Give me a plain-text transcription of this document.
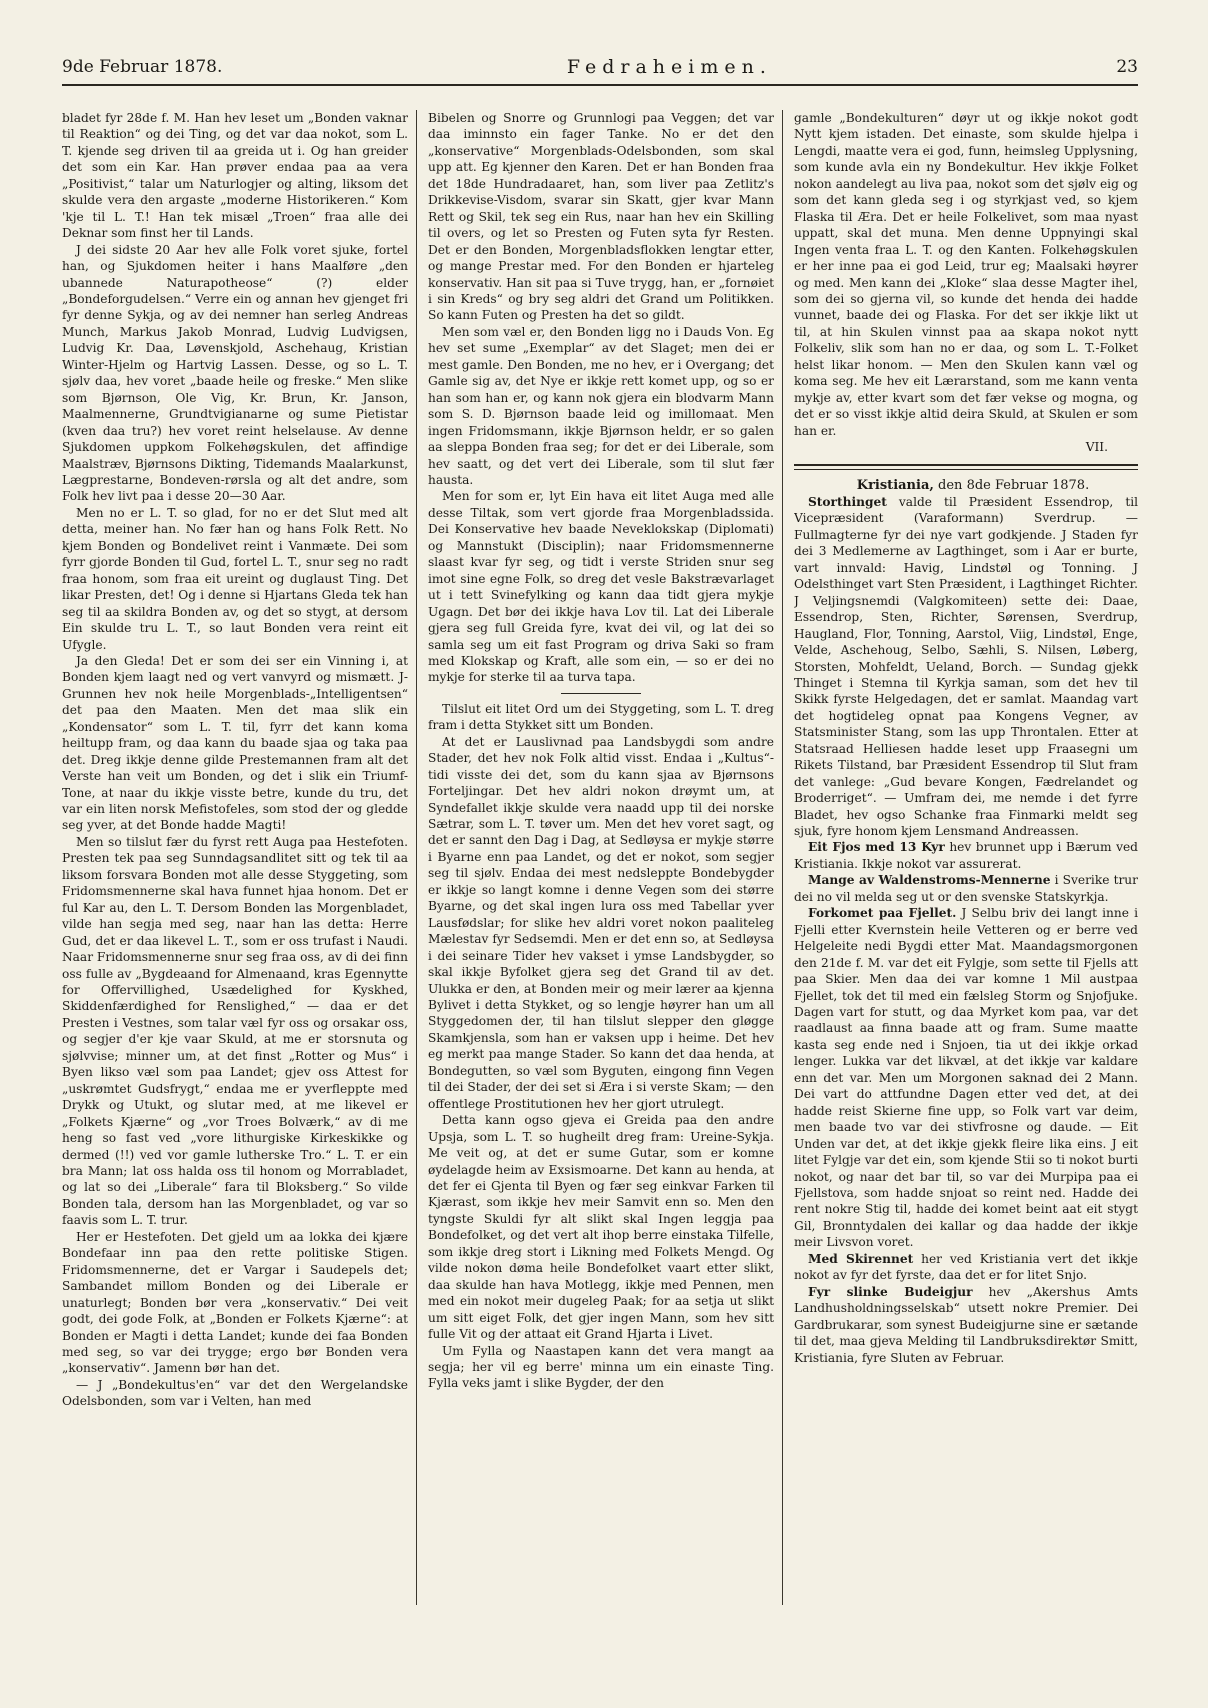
9de Februar 1878.	Fedraheimen.	23

bladet fyr 28de f. M. Han hev leset um „Bonden vaknar til Reaktion“ og dei Ting, og det var daa nokot, som L. T. kjende seg driven til aa greida ut i. Og han greider det som ein Kar. Han prøver endaa paa aa vera „Positivist,“ talar um Naturlogjer og alting, liksom det skulde vera den argaste „moderne Historikeren.“ Kom 'kje til L. T.! Han tek misæl „Troen“ fraa alle dei Deknar som finst her til Lands.

J dei sidste 20 Aar hev alle Folk voret sjuke, fortel han, og Sjukdomen heiter i hans Maalføre „den ubannede Naturapotheose“ (?) elder „Bondeforgudelsen.“ Verre ein og annan hev gjenget fri fyr denne Sykja, og av dei nemner han serleg Andreas Munch, Markus Jakob Monrad, Ludvig Ludvigsen, Ludvig Kr. Daa, Løvenskjold, Aschehaug, Kristian Winter-Hjelm og Hartvig Lassen. Desse, og so L. T. sjølv daa, hev voret „baade heile og freske.“ Men slike som Bjørnson, Ole Vig, Kr. Brun, Kr. Janson, Maalmennerne, Grundtvigianarne og sume Pietistar (kven daa tru?) hev voret reint helselause. Av denne Sjukdomen uppkom Folkehøgskulen, det affindige Maalstræv, Bjørnsons Dikting, Tidemands Maalarkunst, Lægprestarne, Bondeven-rørsla og alt det andre, som Folk hev livt paa i desse 20—30 Aar.

Men no er L. T. so glad, for no er det Slut med alt detta, meiner han. No fær han og hans Folk Rett. No kjem Bonden og Bondelivet reint i Vanmæte. Dei som fyrr gjorde Bonden til Gud, fortel L. T., snur seg no radt fraa honom, som fraa eit ureint og duglaust Ting. Det likar Presten, det! Og i denne si Hjartans Gleda tek han seg til aa skildra Bonden av, og det so stygt, at dersom Ein skulde tru L. T., so laut Bonden vera reint eit Ufygle.

Ja den Gleda! Det er som dei ser ein Vinning i, at Bonden kjem laagt ned og vert vanvyrd og mismætt. J-Grunnen hev nok heile Morgenblads-„Intelligentsen“ det paa den Maaten. Men det maa slik ein „Kondensator“ som L. T. til, fyrr det kann koma heiltupp fram, og daa kann du baade sjaa og taka paa det. Dreg ikkje denne gilde Prestemannen fram alt det Verste han veit um Bonden, og det i slik ein Triumf-Tone, at naar du ikkje visste betre, kunde du tru, det var ein liten norsk Mefistofeles, som stod der og gledde seg yver, at det Bonde hadde Magti!

Men so tilslut fær du fyrst rett Auga paa Hestefoten. Presten tek paa seg Sunndagsandlitet sitt og tek til aa liksom forsvara Bonden mot alle desse Styggeting, som Fridomsmennerne skal hava funnet hjaa honom. Det er ful Kar au, den L. T. Dersom Bonden las Morgenbladet, vilde han segja med seg, naar han las detta: Herre Gud, det er daa likevel L. T., som er oss trufast i Naudi. Naar Fridomsmennerne snur seg fraa oss, av di dei finn oss fulle av „Bygdeaand for Almenaand, kras Egennytte for Offervillighed, Usædelighed for Kyskhed, Skiddenfærdighed for Renslighed,“ — daa er det Presten i Vestnes, som talar væl fyr oss og orsakar oss, og segjer d'er kje vaar Skuld, at me er storsnuta og sjølvvise; minner um, at det finst „Rotter og Mus“ i Byen likso væl som paa Landet; gjev oss Attest for „uskrømtet Gudsfrygt,“ endaa me er yverfleppte med Drykk og Utukt, og slutar med, at me likevel er „Folkets Kjærne“ og „vor Troes Bolværk,“ av di me heng so fast ved „vore lithurgiske Kirkeskikke og dermed (!!) ved vor gamle lutherske Tro.“ L. T. er ein bra Mann; lat oss halda oss til honom og Morrabladet, og lat so dei „Liberale“ fara til Bloksberg.“ So vilde Bonden tala, dersom han las Morgenbladet, og var so faavis som L. T. trur.

Her er Hestefoten. Det gjeld um aa lokka dei kjære Bondefaar inn paa den rette politiske Stigen. Fridomsmennerne, det er Vargar i Saudepels det; Sambandet millom Bonden og dei Liberale er unaturlegt; Bonden bør vera „konservativ.“ Dei veit godt, dei gode Folk, at „Bonden er Folkets Kjærne“: at Bonden er Magti i detta Landet; kunde dei faa Bonden med seg, so var dei trygge; ergo bør Bonden vera „konservativ“. Jamenn bør han det.

— J „Bondekultus'en“ var det den Wergelandske Odelsbonden, som var i Velten, han med

Bibelen og Snorre og Grunnlogi paa Veggen; det var daa iminnsto ein fager Tanke. No er det den „konservative“ Morgenblads-Odelsbonden, som skal upp att. Eg kjenner den Karen. Det er han Bonden fraa det 18de Hundradaaret, han, som liver paa Zetlitz's Drikkevise-Visdom, svarar sin Skatt, gjer kvar Mann Rett og Skil, tek seg ein Rus, naar han hev ein Skilling til overs, og let so Presten og Futen syta fyr Resten. Det er den Bonden, Morgenbladsflokken lengtar etter, og mange Prestar med. For den Bonden er hjarteleg konservativ. Han sit paa si Tuve trygg, han, er „fornøiet i sin Kreds“ og bry seg aldri det Grand um Politikken. So kann Futen og Presten ha det so gildt.

Men som væl er, den Bonden ligg no i Dauds Von. Eg hev set sume „Exemplar“ av det Slaget; men dei er mest gamle. Den Bonden, me no hev, er i Overgang; det Gamle sig av, det Nye er ikkje rett komet upp, og so er han som han er, og kann nok gjera ein blodvarm Mann som S. D. Bjørnson baade leid og imillomaat. Men ingen Fridomsmann, ikkje Bjørnson heldr, er so galen aa sleppa Bonden fraa seg; for det er dei Liberale, som hev saatt, og det vert dei Liberale, som til slut fær hausta.

Men for som er, lyt Ein hava eit litet Auga med alle desse Tiltak, som vert gjorde fraa Morgenbladssida. Dei Konservative hev baade Neveklokskap (Diplomati) og Mannstukt (Disciplin); naar Fridomsmennerne slaast kvar fyr seg, og tidt i verste Striden snur seg imot sine egne Folk, so dreg det vesle Bakstrævarlaget ut i tett Svinefylking og kann daa tidt gjera mykje Ugagn. Det bør dei ikkje hava Lov til. Lat dei Liberale gjera seg full Greida fyre, kvat dei vil, og lat dei so samla seg um eit fast Program og driva Saki so fram med Klokskap og Kraft, alle som ein, — so er dei no mykje for sterke til aa turva tapa.

Tilslut eit litet Ord um dei Styggeting, som L. T. dreg fram i detta Stykket sitt um Bonden.

At det er Lauslivnad paa Landsbygdi som andre Stader, det hev nok Folk altid visst. Endaa i „Kultus“-tidi visste dei det, som du kann sjaa av Bjørnsons Forteljingar. Det hev aldri nokon drøymt um, at Syndefallet ikkje skulde vera naadd upp til dei norske Sætrar, som L. T. tøver um. Men det hev voret sagt, og det er sannt den Dag i Dag, at Sedløysa er mykje større i Byarne enn paa Landet, og det er nokot, som segjer seg til sjølv. Endaa dei mest nedsleppte Bondebygder er ikkje so langt komne i denne Vegen som dei større Byarne, og det skal ingen lura oss med Tabellar yver Lausfødslar; for slike hev aldri voret nokon paaliteleg Mælestav fyr Sedsemdi. Men er det enn so, at Sedløysa i dei seinare Tider hev vakset i ymse Landsbygder, so skal ikkje Byfolket gjera seg det Grand til av det. Ulukka er den, at Bonden meir og meir lærer aa kjenna Bylivet i detta Stykket, og so lengje høyrer han um all Styggedomen der, til han tilslut slepper den gløgge Skamkjensla, som han er vaksen upp i heime. Det hev eg merkt paa mange Stader. So kann det daa henda, at Bondegutten, so væl som Byguten, eingong finn Vegen til dei Stader, der dei set si Æra i si verste Skam; — den offentlege Prostitutionen hev her gjort utrulegt.

Detta kann ogso gjeva ei Greida paa den andre Upsja, som L. T. so hugheilt dreg fram: Ureine-Sykja. Me veit og, at det er sume Gutar, som er komne øydelagde heim av Exsismoarne. Det kann au henda, at det fer ei Gjenta til Byen og fær seg einkvar Farken til Kjærast, som ikkje hev meir Samvit enn so. Men den tyngste Skuldi fyr alt slikt skal Ingen leggja paa Bondefolket, og det vert alt ihop berre einstaka Tilfelle, som ikkje dreg stort i Likning med Folkets Mengd. Og vilde nokon døma heile Bondefolket vaart etter slikt, daa skulde han hava Motlegg, ikkje med Pennen, men med ein nokot meir dugeleg Paak; for aa setja ut slikt um sitt eiget Folk, det gjer ingen Mann, som hev sitt fulle Vit og der attaat eit Grand Hjarta i Livet.

Um Fylla og Naastapen kann det vera mangt aa segja; her vil eg berre' minna um ein einaste Ting. Fylla veks jamt i slike Bygder, der den

gamle „Bondekulturen“ døyr ut og ikkje nokot godt Nytt kjem istaden. Det einaste, som skulde hjelpa i Lengdi, maatte vera ei god, funn, heimsleg Upplysning, som kunde avla ein ny Bondekultur. Hev ikkje Folket nokon aandelegt au liva paa, nokot som det sjølv eig og som det kann gleda seg i og styrkjast ved, so kjem Flaska til Æra. Det er heile Folkelivet, som maa nyast uppatt, skal det muna. Men denne Uppnyingi skal Ingen venta fraa L. T. og den Kanten. Folkehøgskulen er her inne paa ei god Leid, trur eg; Maalsaki høyrer og med. Men kann dei „Kloke“ slaa desse Magter ihel, som dei so gjerna vil, so kunde det henda dei hadde vunnet, baade dei og Flaska. For det ser ikkje likt ut til, at hin Skulen vinnst paa aa skapa nokot nytt Folkeliv, slik som han no er daa, og som L. T.-Folket helst likar honom. — Men den Skulen kann væl og koma seg. Me hev eit Lærarstand, som me kann venta mykje av, etter kvart som det fær vekse og mogna, og det er so visst ikkje altid deira Skuld, at Skulen er som han er.

VII.

Kristiania, den 8de Februar 1878.

Storthinget valde til Præsident Essendrop, til Vicepræsident (Varaformann) Sverdrup. — Fullmagterne fyr dei nye vart godkjende. J Staden fyr dei 3 Medlemerne av Lagthinget, som i Aar er burte, vart innvald: Havig, Lindstøl og Tonning. J Odelsthinget vart Sten Præsident, i Lagthinget Richter. J Veljingsnemdi (Valgkomiteen) sette dei: Daae, Essendrop, Sten, Richter, Sørensen, Sverdrup, Haugland, Flor, Tonning, Aarstol, Viig, Lindstøl, Enge, Velde, Aschehoug, Selbo, Sæhli, S. Nilsen, Løberg, Storsten, Mohfeldt, Ueland, Borch. — Sundag gjekk Thinget i Stemna til Kyrkja saman, som det hev til Skikk fyrste Helgedagen, det er samlat. Maandag vart det hogtideleg opnat paa Kongens Vegner, av Statsminister Stang, som las upp Throntalen. Etter at Statsraad Helliesen hadde leset upp Fraasegni um Rikets Tilstand, bar Præsident Essendrop til Slut fram det vanlege: „Gud bevare Kongen, Fædrelandet og Broderriget“. — Umfram dei, me nemde i det fyrre Bladet, hev ogso Schanke fraa Finmarki meldt seg sjuk, fyre honom kjem Lensmand Andreassen.

Eit Fjos med 13 Kyr hev brunnet upp i Bærum ved Kristiania. Ikkje nokot var assurerat.

Mange av Waldenstroms-Mennerne i Sverike trur dei no vil melda seg ut or den svenske Statskyrkja.

Forkomet paa Fjellet. J Selbu briv dei langt inne i Fjelli etter Kvernstein heile Vetteren og er berre ved Helgeleite nedi Bygdi etter Mat. Maandagsmorgonen den 21de f. M. var det eit Fylgje, som sette til Fjells att paa Skier. Men daa dei var komne 1 Mil austpaa Fjellet, tok det til med ein fælsleg Storm og Snjofjuke. Dagen vart for stutt, og daa Myrket kom paa, var det raadlaust aa finna baade att og fram. Sume maatte kasta seg ende ned i Snjoen, tia ut dei ikkje orkad lenger. Lukka var det likvæl, at det ikkje var kaldare enn det var. Men um Morgonen saknad dei 2 Mann. Dei vart do attfundne Dagen etter ved det, at dei hadde reist Skierne fine upp, so Folk vart var deim, men baade tvo var dei stivfrosne og daude. — Eit Unden var det, at det ikkje gjekk fleire lika eins. J eit litet Fylgje var det ein, som kjende Stii so ti nokot burti nokot, og naar det bar til, so var dei Murpipa paa ei Fjellstova, som hadde snjoat so reint ned. Hadde dei rent nokre Stig til, hadde dei komet beint aat eit stygt Gil, Bronntydalen dei kallar og daa hadde der ikkje meir Livsvon voret.

Med Skirennet her ved Kristiania vert det ikkje nokot av fyr det fyrste, daa det er for litet Snjo.

Fyr slinke Budeigjur hev „Akershus Amts Landhusholdningsselskab“ utsett nokre Premier. Dei Gardbrukarar, som synest Budeigjurne sine er sætande til det, maa gjeva Melding til Landbruksdirektør Smitt, Kristiania, fyre Sluten av Februar.
